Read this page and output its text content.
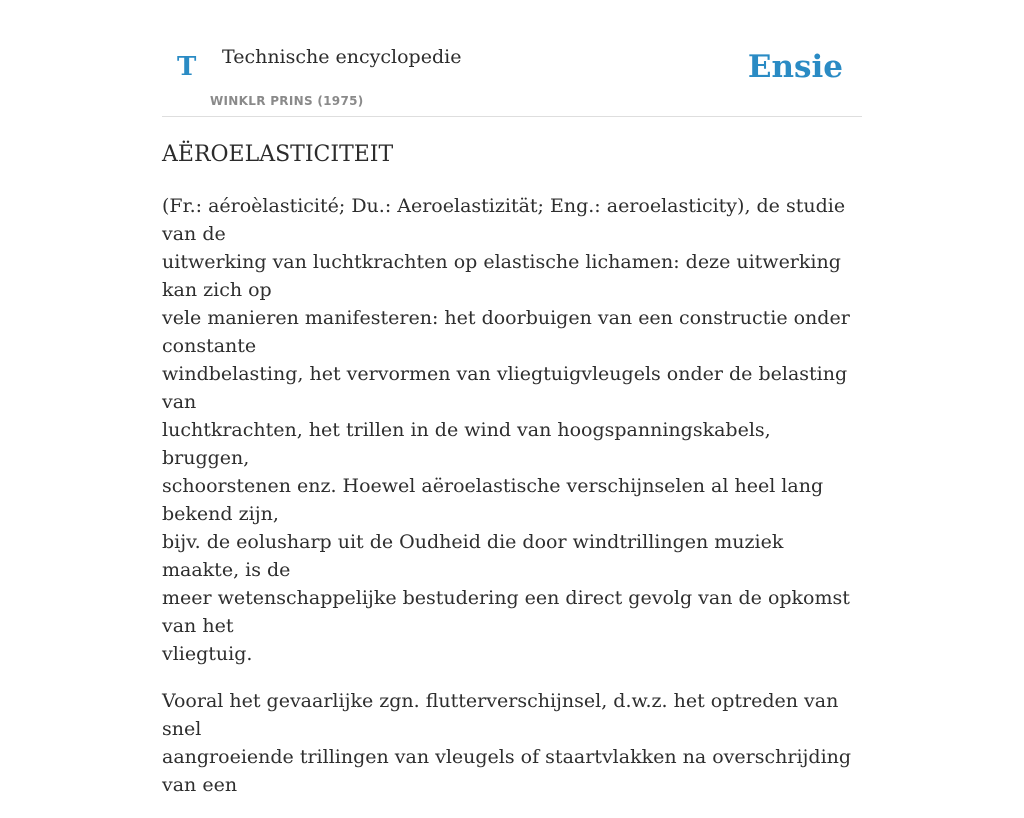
T Technische encyclopedie
WINKLR PRINS (1975)
Ensie
AËROELASTICITEIT

(Fr.: aéroèlasticité; Du.: Aeroelastizität; Eng.: aeroelasticity), de studie van de
uitwerking van luchtkrachten op elastische lichamen: deze uitwerking kan zich op
vele manieren manifesteren: het doorbuigen van een constructie onder constante
windbelasting, het vervormen van vliegtuigvleugels onder de belasting van
luchtkrachten, het trillen in de wind van hoogspanningskabels, bruggen,
schoorstenen enz. Hoewel aëroelastische verschijnselen al heel lang bekend zijn,
bijv. de eolusharp uit de Oudheid die door windtrillingen muziek maakte, is de
meer wetenschappelijke bestudering een direct gevolg van de opkomst van het
vliegtuig.

Vooral het gevaarlijke zgn. flutterverschijnsel, d.w.z. het optreden van snel
aangroeiende trillingen van vleugels of staartvlakken na overschrijding van een
